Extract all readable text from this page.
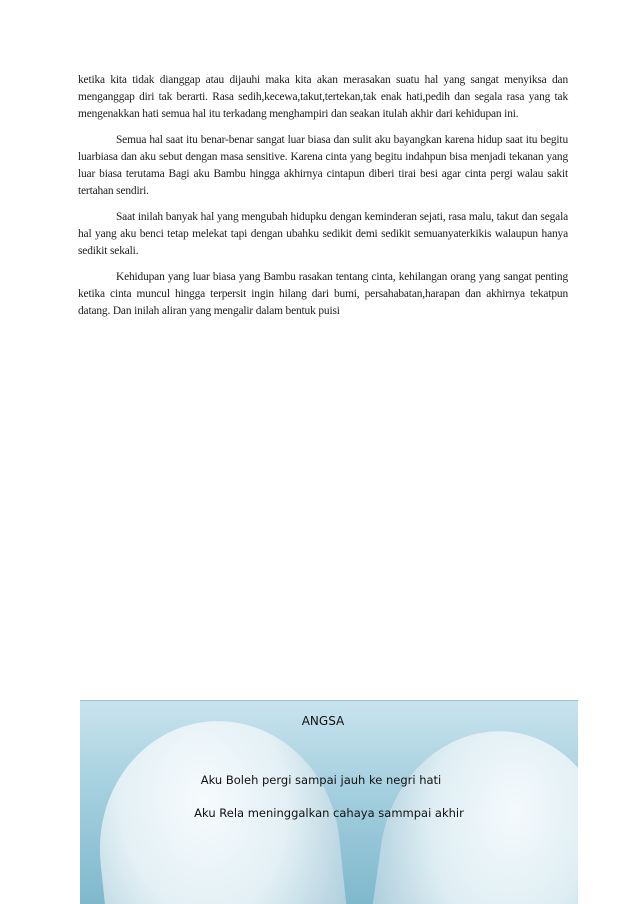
ketika kita tidak dianggap atau dijauhi maka kita akan merasakan suatu hal yang sangat menyiksa dan menganggap diri tak berarti. Rasa sedih,kecewa,takut,tertekan,tak enak hati,pedih dan segala rasa yang tak mengenakkan hati semua hal itu terkadang menghampiri dan seakan itulah akhir dari kehidupan ini.

Semua hal saat itu benar-benar sangat luar biasa dan sulit aku bayangkan karena hidup saat itu begitu luarbiasa dan aku sebut dengan masa sensitive. Karena cinta yang begitu indahpun bisa menjadi tekanan yang luar biasa terutama Bagi aku Bambu hingga akhirnya cintapun diberi tirai besi agar cinta pergi walau sakit tertahan sendiri.

Saat inilah banyak hal yang mengubah hidupku dengan keminderan sejati, rasa malu, takut dan segala hal yang aku benci tetap melekat tapi dengan ubahku sedikit demi sedikit semuanyaterkikis walaupun hanya sedikit sekali.

Kehidupan yang luar biasa yang Bambu rasakan tentang cinta, kehilangan orang yang sangat penting ketika cinta muncul hingga terpersit ingin hilang dari bumi, persahabatan,harapan dan akhirnya tekatpun datang. Dan inilah aliran yang mengalir dalam bentuk puisi

ANGSA
Aku Boleh pergi sampai jauh ke negri hati
Aku Rela meninggalkan cahaya sammpai akhir
